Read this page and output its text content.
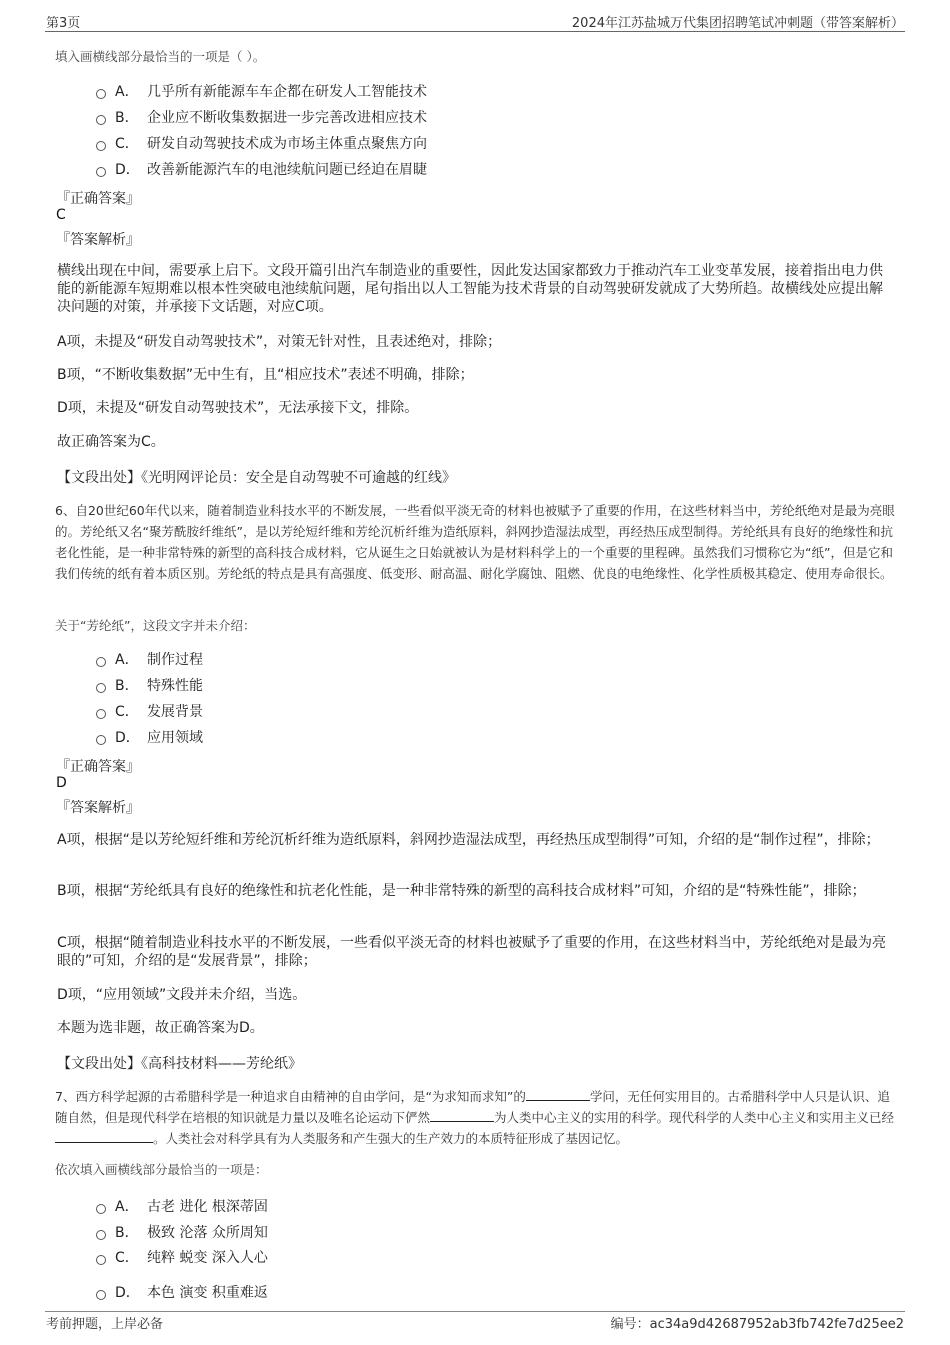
第3页	2024年江苏盐城万代集团招聘笔试冲刺题（带答案解析）
填入画横线部分最恰当的一项是（ ）。
A． 几乎所有新能源车车企都在研发人工智能技术
B． 企业应不断收集数据进一步完善改进相应技术
C． 研发自动驾驶技术成为市场主体重点聚焦方向
D． 改善新能源汽车的电池续航问题已经迫在眉睫
『正确答案』
C
『答案解析』
横线出现在中间，需要承上启下。文段开篇引出汽车制造业的重要性，因此发达国家都致力于推动汽车工业变革发展，接着指出电力供能的新能源车短期难以根本性突破电池续航问题，尾句指出以人工智能为技术背景的自动驾驶研发就成了大势所趋。故横线处应提出解决问题的对策，并承接下文话题，对应C项。
A项，未提及“研发自动驾驶技术”，对策无针对性，且表述绝对，排除；
B项，“不断收集数据”无中生有，且“相应技术”表述不明确，排除；
D项，未提及“研发自动驾驶技术”，无法承接下文，排除。
故正确答案为C。
【文段出处】《光明网评论员：安全是自动驾驶不可逾越的红线》
6、自20世纪60年代以来，随着制造业科技水平的不断发展，一些看似平淡无奇的材料也被赋予了重要的作用，在这些材料当中，芳纶纸绝对是最为亮眼的。芳纶纸又名“聚芳酰胺纤维纸”，是以芳纶短纤维和芳纶沉析纤维为造纸原料，斜网抄造湿法成型，再经热压成型制得。芳纶纸具有良好的绝缘性和抗老化性能，是一种非常特殊的新型的高科技合成材料，它从诞生之日始就被认为是材料科学上的一个重要的里程碑。虽然我们习惯称它为“纸”，但是它和我们传统的纸有着本质区别。芳纶纸的特点是具有高强度、低变形、耐高温、耐化学腐蚀、阻燃、优良的电绝缘性、化学性质极其稳定、使用寿命很长。
关于“芳纶纸”，这段文字并未介绍：
A． 制作过程
B． 特殊性能
C． 发展背景
D． 应用领域
『正确答案』
D
『答案解析』
A项，根据“是以芳纶短纤维和芳纶沉析纤维为造纸原料，斜网抄造湿法成型，再经热压成型制得”可知，介绍的是“制作过程”，排除；
B项，根据“芳纶纸具有良好的绝缘性和抗老化性能，是一种非常特殊的新型的高科技合成材料”可知，介绍的是“特殊性能”，排除；
C项，根据“随着制造业科技水平的不断发展，一些看似平淡无奇的材料也被赋予了重要的作用，在这些材料当中，芳纶纸绝对是最为亮眼的”可知，介绍的是“发展背景”，排除；
D项，“应用领域”文段并未介绍，当选。
本题为选非题，故正确答案为D。
【文段出处】《高科技材料——芳纶纸》
7、西方科学起源的古希腊科学是一种追求自由精神的自由学问，是“为求知而求知”的	学问，无任何实用目的。古希腊科学中人只是认识、追随自然，但是现代科学在培根的知识就是力量以及唯名论运动下俨然	为人类中心主义的实用的科学。现代科学的人类中心主义和实用主义已经。人类社会对科学具有为人类服务和产生强大的生产效力的本质特征形成了基因记忆。
依次填入画横线部分最恰当的一项是：
A． 古老 进化 根深蒂固
B． 极致 沦落 众所周知
C． 纯粹 蜕变 深入人心
D． 本色 演变 积重难返
考前押题，上岸必备	编号：ac34a9d42687952ab3fb742fe7d25ee2
